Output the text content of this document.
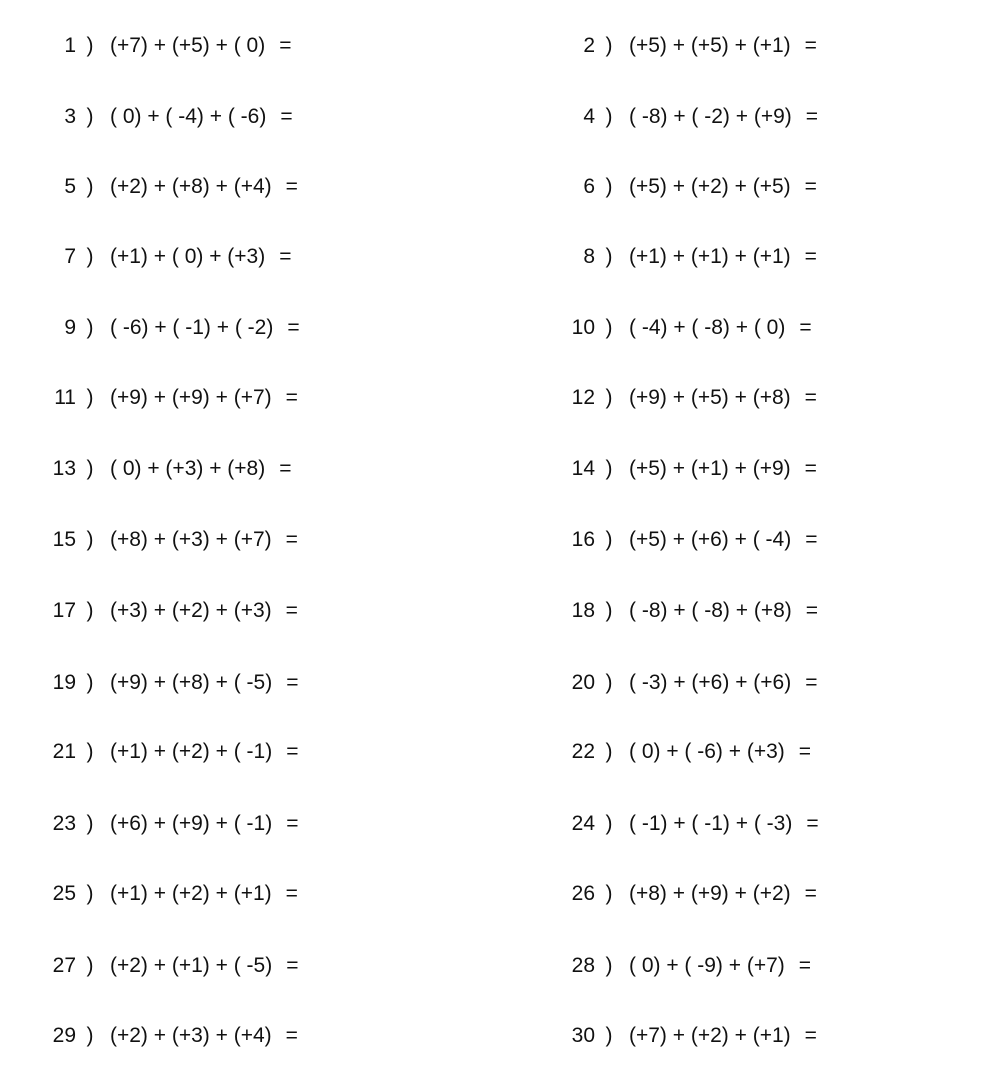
1 ) (+7) + (+5) + ( 0) =	2 ) (+5) + (+5) + (+1) =
3 ) ( 0) + ( -4) + ( -6) =	4 ) ( -8) + ( -2) + (+9) =
5 ) (+2) + (+8) + (+4) =	6 ) (+5) + (+2) + (+5) =
7 ) (+1) + ( 0) + (+3) =	8 ) (+1) + (+1) + (+1) =
9 ) ( -6) + ( -1) + ( -2) =	10 ) ( -4) + ( -8) + ( 0) =
11 ) (+9) + (+9) + (+7) =	12 ) (+9) + (+5) + (+8) =
13 ) ( 0) + (+3) + (+8) =	14 ) (+5) + (+1) + (+9) =
15 ) (+8) + (+3) + (+7) =	16 ) (+5) + (+6) + ( -4) =
17 ) (+3) + (+2) + (+3) =	18 ) ( -8) + ( -8) + (+8) =
19 ) (+9) + (+8) + ( -5) =	20 ) ( -3) + (+6) + (+6) =
21 ) (+1) + (+2) + ( -1) =	22 ) ( 0) + ( -6) + (+3) =
23 ) (+6) + (+9) + ( -1) =	24 ) ( -1) + ( -1) + ( -3) =
25 ) (+1) + (+2) + (+1) =	26 ) (+8) + (+9) + (+2) =
27 ) (+2) + (+1) + ( -5) =	28 ) ( 0) + ( -9) + (+7) =
29 ) (+2) + (+3) + (+4) =	30 ) (+7) + (+2) + (+1) =
